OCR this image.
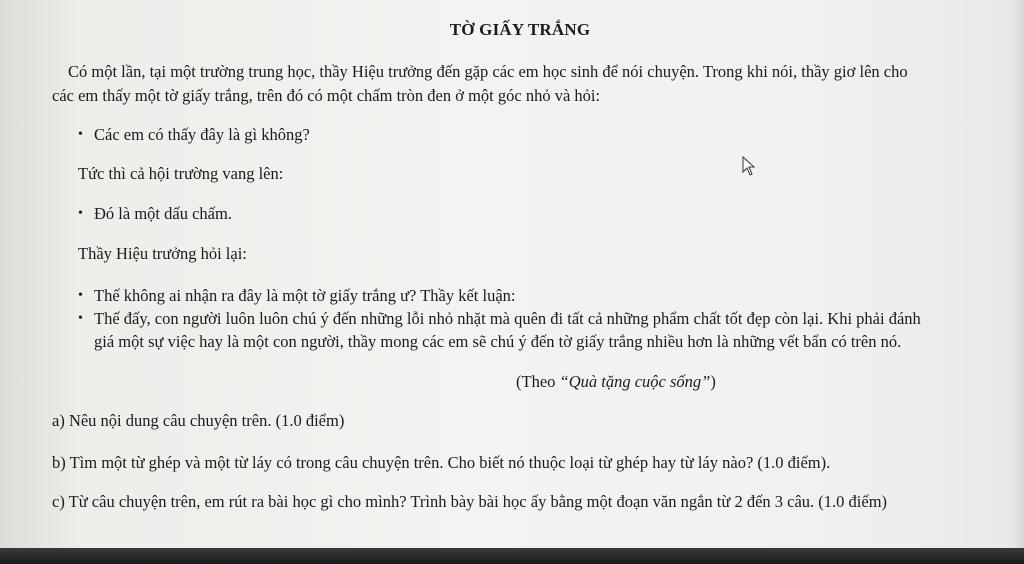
TỜ GIẤY TRẮNG
Có một lần, tại một trường trung học, thầy Hiệu trưởng đến gặp các em học sinh để nói chuyện. Trong khi nói, thầy giơ lên cho
các em thấy một tờ giấy trắng, trên đó có một chấm tròn đen ở một góc nhỏ và hỏi:
• Các em có thấy đây là gì không?
Tức thì cả hội trường vang lên:
• Đó là một dấu chấm.
Thầy Hiệu trưởng hỏi lại:
• Thế không ai nhận ra đây là một tờ giấy trắng ư? Thầy kết luận:
• Thế đấy, con người luôn luôn chú ý đến những lỗi nhỏ nhặt mà quên đi tất cả những phẩm chất tốt đẹp còn lại. Khi phải đánh
giá một sự việc hay là một con người, thầy mong các em sẽ chú ý đến tờ giấy trắng nhiều hơn là những vết bẩn có trên nó.
(Theo “Quà tặng cuộc sống”)
a) Nêu nội dung câu chuyện trên. (1.0 điểm)
b) Tìm một từ ghép và một từ láy có trong câu chuyện trên. Cho biết nó thuộc loại từ ghép hay từ láy nào? (1.0 điểm).
c) Từ câu chuyện trên, em rút ra bài học gì cho mình? Trình bày bài học ấy bằng một đoạn văn ngắn từ 2 đến 3 câu. (1.0 điểm)
